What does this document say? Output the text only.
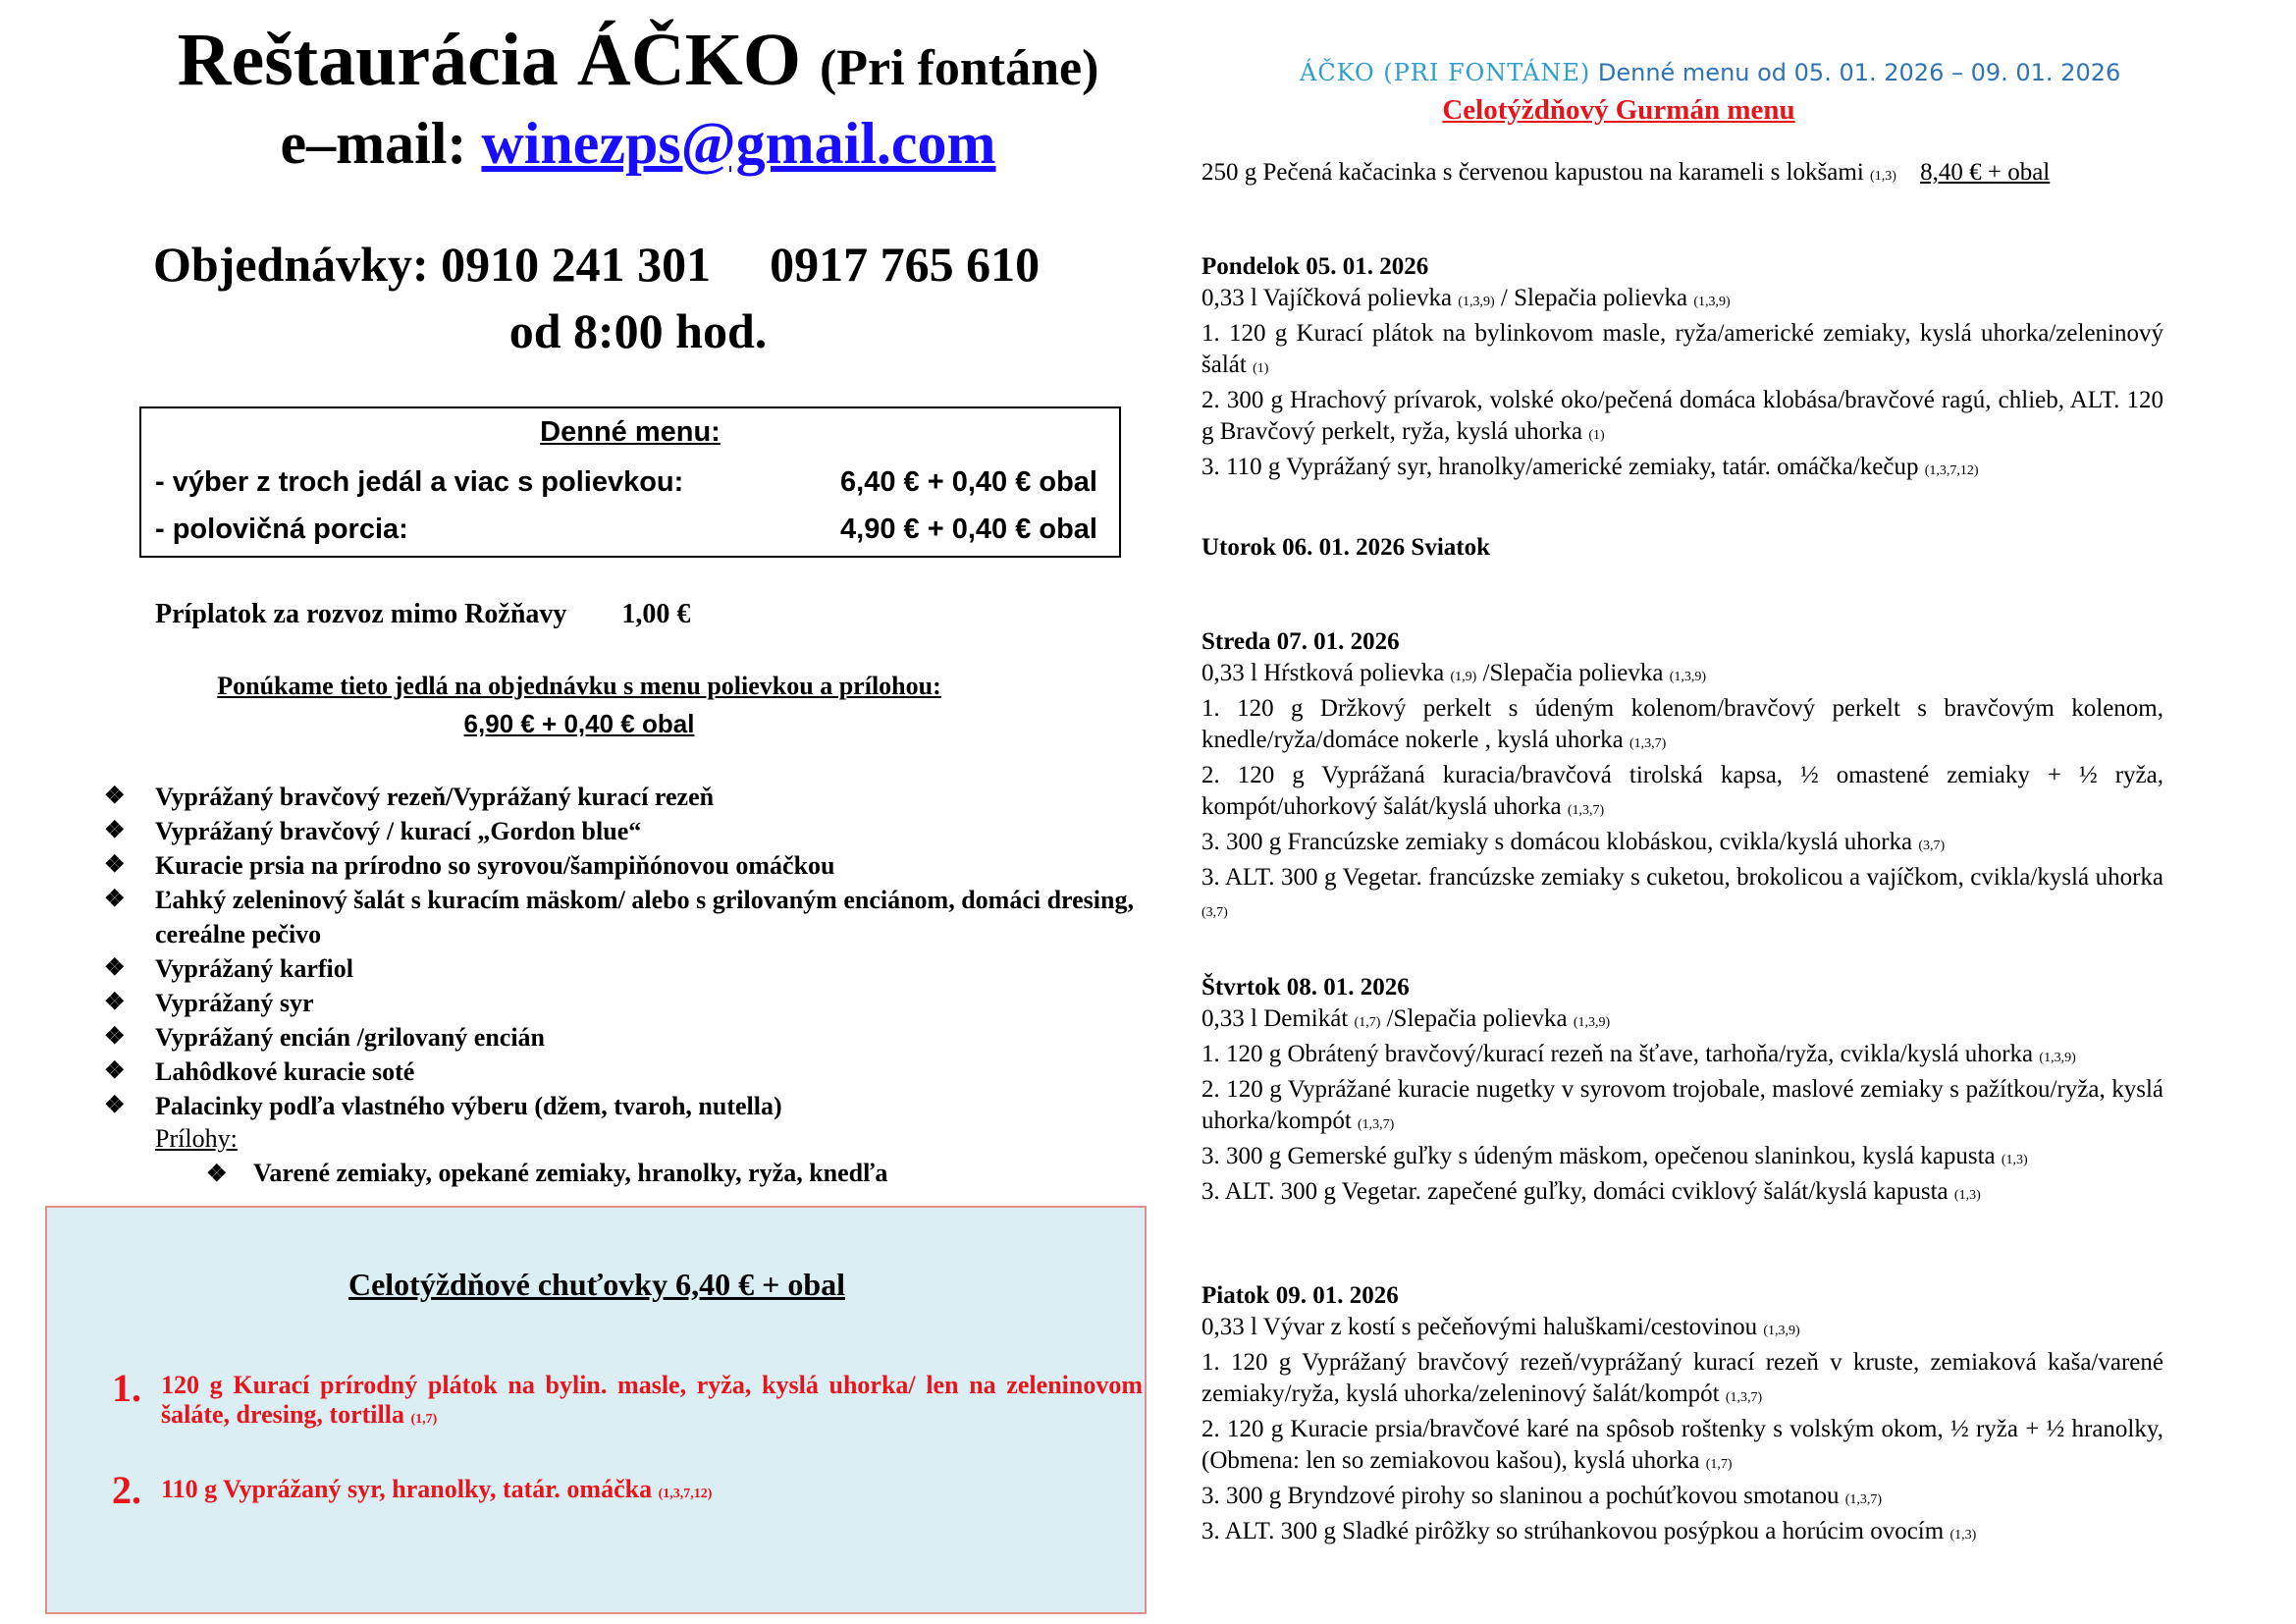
Reštaurácia ÁČKO (Pri fontáne)
e–mail: winezps@gmail.com
Objednávky: 0910 241 301 0917 765 610
od 8:00 hod.
Denné menu:
- výber z troch jedál a viac s polievkou:	6,40 € + 0,40 € obal
- polovičná porcia:	4,90 € + 0,40 € obal
Príplatok za rozvoz mimo Rožňavy 1,00 €
Ponúkame tieto jedlá na objednávku s menu polievkou a prílohou:
6,90 € + 0,40 € obal
❖ Vyprážaný bravčový rezeň/Vyprážaný kurací rezeň
❖ Vyprážaný bravčový / kurací „Gordon blue“
❖ Kuracie prsia na prírodno so syrovou/šampiňónovou omáčkou
❖ Ľahký zeleninový šalát s kuracím mäskom/ alebo s grilovaným enciánom, domáci dresing, cereálne pečivo
❖ Vyprážaný karfiol
❖ Vyprážaný syr
❖ Vyprážaný encián /grilovaný encián
❖ Lahôdkové kuracie soté
❖ Palacinky podľa vlastného výberu (džem, tvaroh, nutella)
Prílohy:
❖ Varené zemiaky, opekané zemiaky, hranolky, ryža, knedľa
Celotýždňové chuťovky 6,40 € + obal
1. 120 g Kurací prírodný plátok na bylin. masle, ryža, kyslá uhorka/ len na zeleninovom šaláte, dresing, tortilla (1,7)
2. 110 g Vyprážaný syr, hranolky, tatár. omáčka (1,3,7,12)
ÁČKO (PRI FONTÁNE) Denné menu od 05. 01. 2026 – 09. 01. 2026
Celotýždňový Gurmán menu
250 g Pečená kačacinka s červenou kapustou na karameli s lokšami (1,3) 8,40 € + obal
Pondelok 05. 01. 2026

0,33 l Vajíčková polievka (1,3,9) / Slepačia polievka (1,3,9)

1. 120 g Kurací plátok na bylinkovom masle, ryža/americké zemiaky, kyslá uhorka/zeleninový šalát (1)

2. 300 g Hrachový prívarok, volské oko/pečená domáca klobása/bravčové ragú, chlieb, ALT. 120 g Bravčový perkelt, ryža, kyslá uhorka (1)

3. 110 g Vyprážaný syr, hranolky/americké zemiaky, tatár. omáčka/kečup (1,3,7,12)

Utorok 06. 01. 2026 Sviatok
Streda 07. 01. 2026

0,33 l Hŕstková polievka (1,9) /Slepačia polievka (1,3,9)

1. 120 g Držkový perkelt s údeným kolenom/bravčový perkelt s bravčovým kolenom, knedle/ryža/domáce nokerle , kyslá uhorka (1,3,7)

2. 120 g Vyprážaná kuracia/bravčová tirolská kapsa, ½ omastené zemiaky + ½ ryža, kompót/uhorkový šalát/kyslá uhorka (1,3,7)

3. 300 g Francúzske zemiaky s domácou klobáskou, cvikla/kyslá uhorka (3,7)

3. ALT. 300 g Vegetar. francúzske zemiaky s cuketou, brokolicou a vajíčkom, cvikla/kyslá uhorka (3,7)

Štvrtok 08. 01. 2026

0,33 l Demikát (1,7) /Slepačia polievka (1,3,9)

1. 120 g Obrátený bravčový/kurací rezeň na šťave, tarhoňa/ryža, cvikla/kyslá uhorka (1,3,9)

2. 120 g Vyprážané kuracie nugetky v syrovom trojobale, maslové zemiaky s pažítkou/ryža, kyslá uhorka/kompót (1,3,7)

3. 300 g Gemerské guľky s údeným mäskom, opečenou slaninkou, kyslá kapusta (1,3)

3. ALT. 300 g Vegetar. zapečené guľky, domáci cviklový šalát/kyslá kapusta (1,3)

Piatok 09. 01. 2026

0,33 l Vývar z kostí s pečeňovými haluškami/cestovinou (1,3,9)

1. 120 g Vyprážaný bravčový rezeň/vyprážaný kurací rezeň v kruste, zemiaková kaša/varené zemiaky/ryža, kyslá uhorka/zeleninový šalát/kompót (1,3,7)

2. 120 g Kuracie prsia/bravčové karé na spôsob roštenky s volským okom, ½ ryža + ½ hranolky, (Obmena: len so zemiakovou kašou), kyslá uhorka (1,7)

3. 300 g Bryndzové pirohy so slaninou a pochúťkovou smotanou (1,3,7)

3. ALT. 300 g Sladké pirôžky so strúhankovou posýpkou a horúcim ovocím (1,3)
